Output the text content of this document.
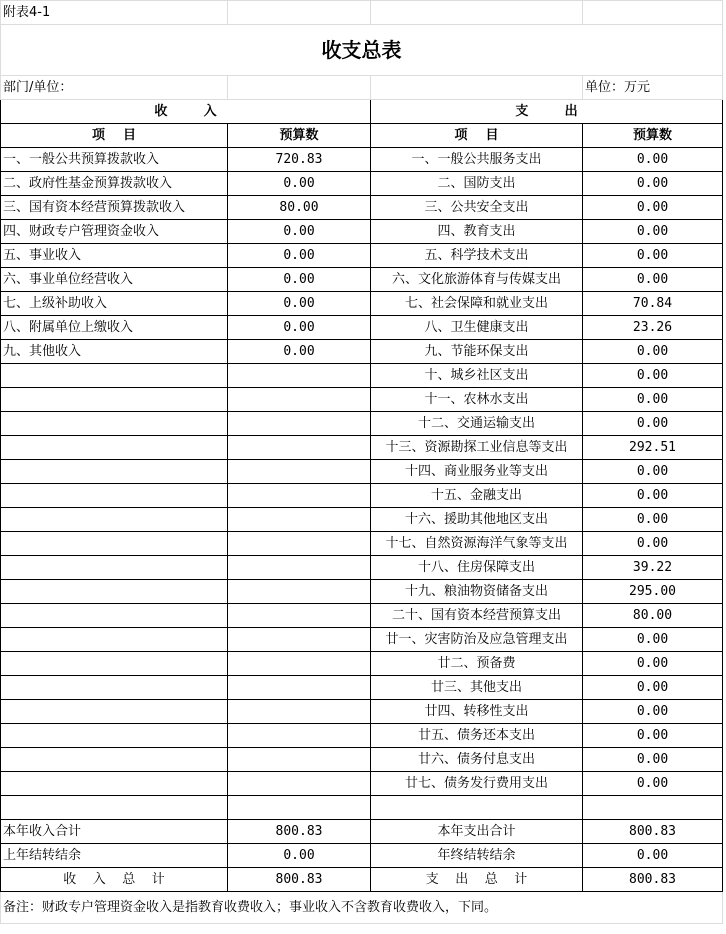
附表4-1			
收支总表			
部门/单位：			单位：万元
收        入		支        出	
项    目	预算数	项    目	预算数
一、一般公共预算拨款收入	720.83	一、一般公共服务支出	0.00
二、政府性基金预算拨款收入	0.00	二、国防支出	0.00
三、国有资本经营预算拨款收入	80.00	三、公共安全支出	0.00
四、财政专户管理资金收入	0.00	四、教育支出	0.00
五、事业收入	0.00	五、科学技术支出	0.00
六、事业单位经营收入	0.00	六、文化旅游体育与传媒支出	0.00
七、上级补助收入	0.00	七、社会保障和就业支出	70.84
八、附属单位上缴收入	0.00	八、卫生健康支出	23.26
九、其他收入	0.00	九、节能环保支出	0.00
		十、城乡社区支出	0.00
		十一、农林水支出	0.00
		十二、交通运输支出	0.00
		十三、资源勘探工业信息等支出	292.51
		十四、商业服务业等支出	0.00
		十五、金融支出	0.00
		十六、援助其他地区支出	0.00
		十七、自然资源海洋气象等支出	0.00
		十八、住房保障支出	39.22
		十九、粮油物资储备支出	295.00
		二十、国有资本经营预算支出	80.00
		廿一、灾害防治及应急管理支出	0.00
		廿二、预备费	0.00
		廿三、其他支出	0.00
		廿四、转移性支出	0.00
		廿五、债务还本支出	0.00
		廿六、债务付息支出	0.00
		廿七、债务发行费用支出	0.00

本年收入合计	800.83	本年支出合计	800.83
上年结转结余	0.00	年终结转结余	0.00
收    入    总    计	800.83	支    出    总    计	800.83
备注：财政专户管理资金收入是指教育收费收入；事业收入不含教育收费收入，下同。			
